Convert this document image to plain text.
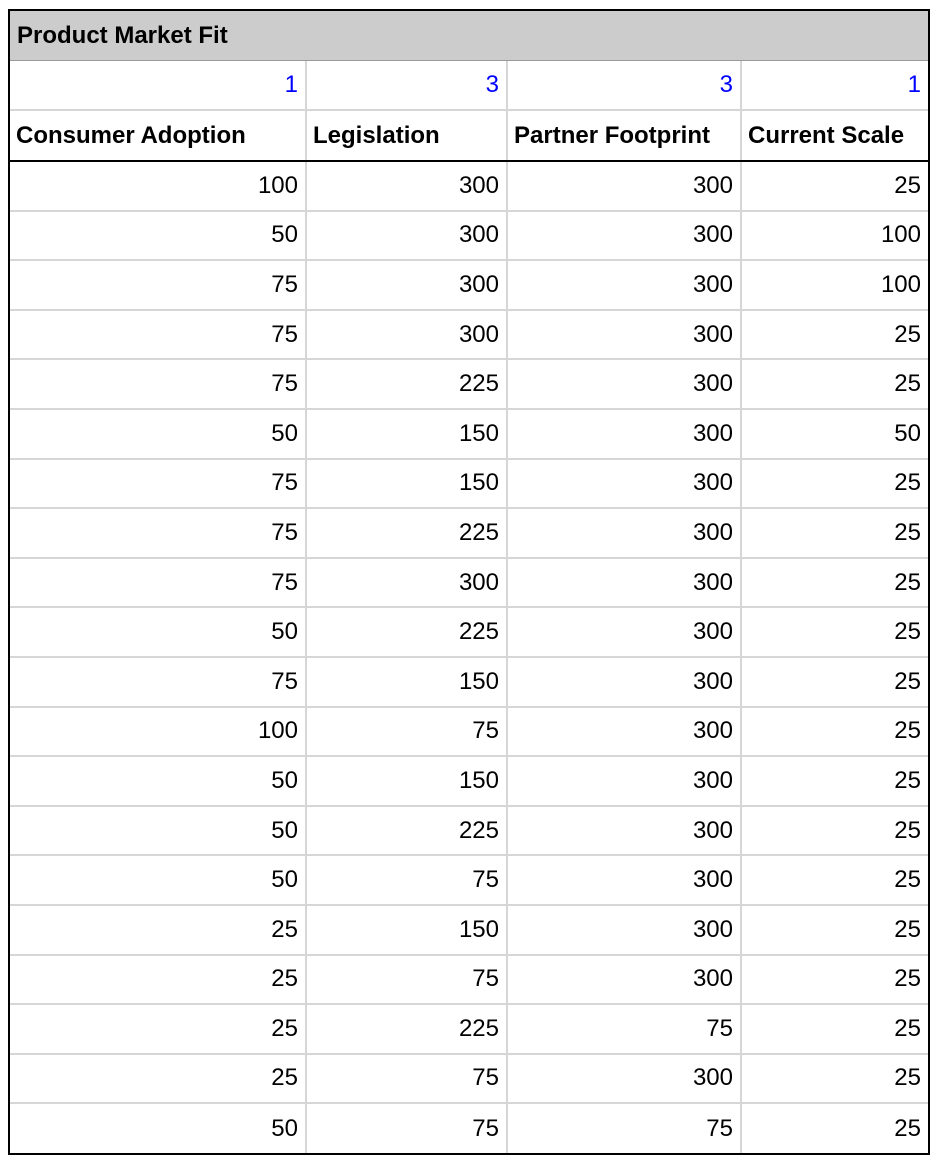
Product Market Fit
1	3	3	1
Consumer Adoption	Legislation	Partner Footprint	Current Scale
100	300	300	25
50	300	300	100
75	300	300	100
75	300	300	25
75	225	300	25
50	150	300	50
75	150	300	25
75	225	300	25
75	300	300	25
50	225	300	25
75	150	300	25
100	75	300	25
50	150	300	25
50	225	300	25
50	75	300	25
25	150	300	25
25	75	300	25
25	225	75	25
25	75	300	25
50	75	75	25
